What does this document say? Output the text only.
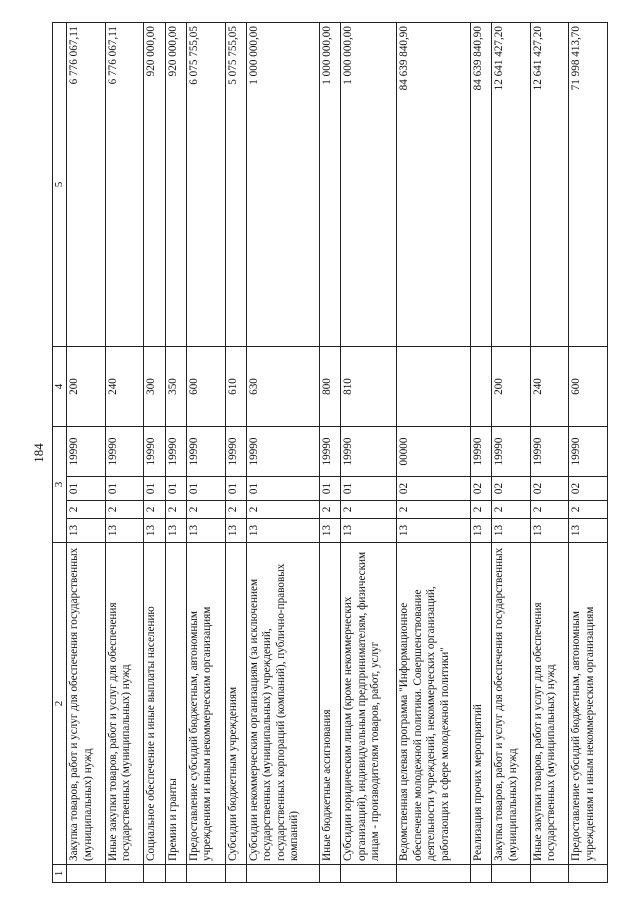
184
1	2	3				4	5
	Закупка товаров, работ и услуг для обеспечения государственных (муниципальных) нужд	13	2	01	19990	200	6 776 067,11
	Иные закупки товаров, работ и услуг для обеспечения государственных (муниципальных) нужд	13	2	01	19990	240	6 776 067,11
	Социальное обеспечение и иные выплаты населению	13	2	01	19990	300	920 000,00
	Премии и гранты	13	2	01	19990	350	920 000,00
	Предоставление субсидий бюджетным, автономным учреждениям и иным некоммерческим организациям	13	2	01	19990	600	6 075 755,05
	Субсидии бюджетным учреждениям	13	2	01	19990	610	5 075 755,05
	Субсидии некоммерческим организациям (за исключением государственных (муниципальных) учреждений, государственных корпораций (компаний), публично-правовых компаний)	13	2	01	19990	630	1 000 000,00
	Иные бюджетные ассигнования	13	2	01	19990	800	1 000 000,00
	Субсидии юридическим лицам (кроме некоммерческих организаций), индивидуальным предпринимателям, физическим лицам - производителям товаров, работ, услуг	13	2	01	19990	810	1 000 000,00
	Ведомственная целевая программа "Информационное обеспечение молодежной политики. Совершенствование деятельности учреждений, некоммерческих организаций, работающих в сфере молодежной политики"	13	2	02	00000		84 639 840,90
	Реализация прочих мероприятий	13	2	02	19990		84 639 840,90
	Закупка товаров, работ и услуг для обеспечения государственных (муниципальных) нужд	13	2	02	19990	200	12 641 427,20
	Иные закупки товаров, работ и услуг для обеспечения государственных (муниципальных) нужд	13	2	02	19990	240	12 641 427,20
	Предоставление субсидий бюджетным, автономным учреждениям и иным некоммерческим организациям	13	2	02	19990	600	71 998 413,70
